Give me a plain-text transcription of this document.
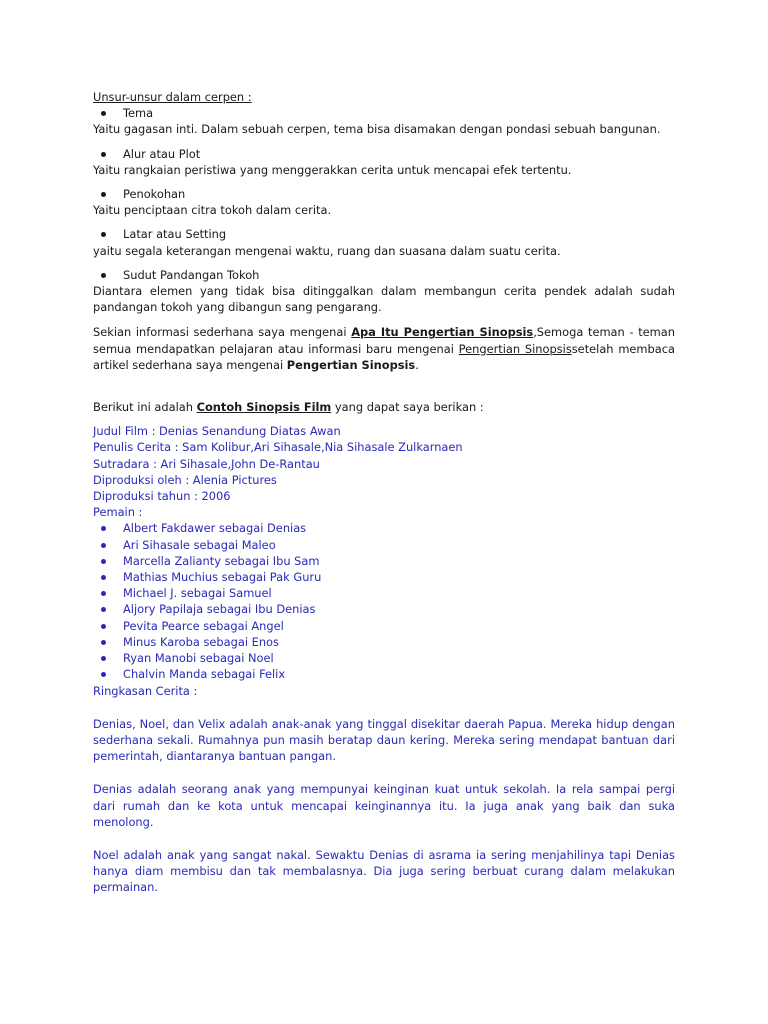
Unsur-unsur dalam cerpen :

Tema

Yaitu gagasan inti. Dalam sebuah cerpen, tema bisa disamakan dengan pondasi sebuah bangunan.

Alur atau Plot

Yaitu rangkaian peristiwa yang menggerakkan cerita untuk mencapai efek tertentu.

Penokohan

Yaitu penciptaan citra tokoh dalam cerita.

Latar atau Setting

yaitu segala keterangan mengenai waktu, ruang dan suasana dalam suatu cerita.

Sudut Pandangan Tokoh

Diantara elemen yang tidak bisa ditinggalkan dalam membangun cerita pendek adalah sudah pandangan tokoh yang dibangun sang pengarang.

Sekian informasi sederhana saya mengenai Apa Itu Pengertian Sinopsis,Semoga teman - teman semua mendapatkan pelajaran atau informasi baru mengenai Pengertian Sinopsissetelah membaca artikel sederhana saya mengenai Pengertian Sinopsis.

Berikut ini adalah Contoh Sinopsis Film yang dapat saya berikan :

Judul Film : Denias Senandung Diatas Awan

Penulis Cerita : Sam Kolibur,Ari Sihasale,Nia Sihasale Zulkarnaen

Sutradara : Ari Sihasale,John De-Rantau

Diproduksi oleh : Alenia Pictures

Diproduksi tahun : 2006

Pemain :

Albert Fakdawer sebagai Denias
Ari Sihasale sebagai Maleo
Marcella Zalianty sebagai Ibu Sam
Mathias Muchius sebagai Pak Guru
Michael J. sebagai Samuel
Aljory Papilaja sebagai Ibu Denias
Pevita Pearce sebagai Angel
Minus Karoba sebagai Enos
Ryan Manobi sebagai Noel
Chalvin Manda sebagai Felix

Ringkasan Cerita :

Denias, Noel, dan Velix adalah anak-anak yang tinggal disekitar daerah Papua. Mereka hidup dengan sederhana sekali. Rumahnya pun masih beratap daun kering. Mereka sering mendapat bantuan dari pemerintah, diantaranya bantuan pangan.

Denias adalah seorang anak yang mempunyai keinginan kuat untuk sekolah. Ia rela sampai pergi dari rumah dan ke kota untuk mencapai keinginannya itu. Ia juga anak yang baik dan suka menolong.

Noel adalah anak yang sangat nakal. Sewaktu Denias di asrama ia sering menjahilinya tapi Denias hanya diam membisu dan tak membalasnya. Dia juga sering berbuat curang dalam melakukan permainan.
